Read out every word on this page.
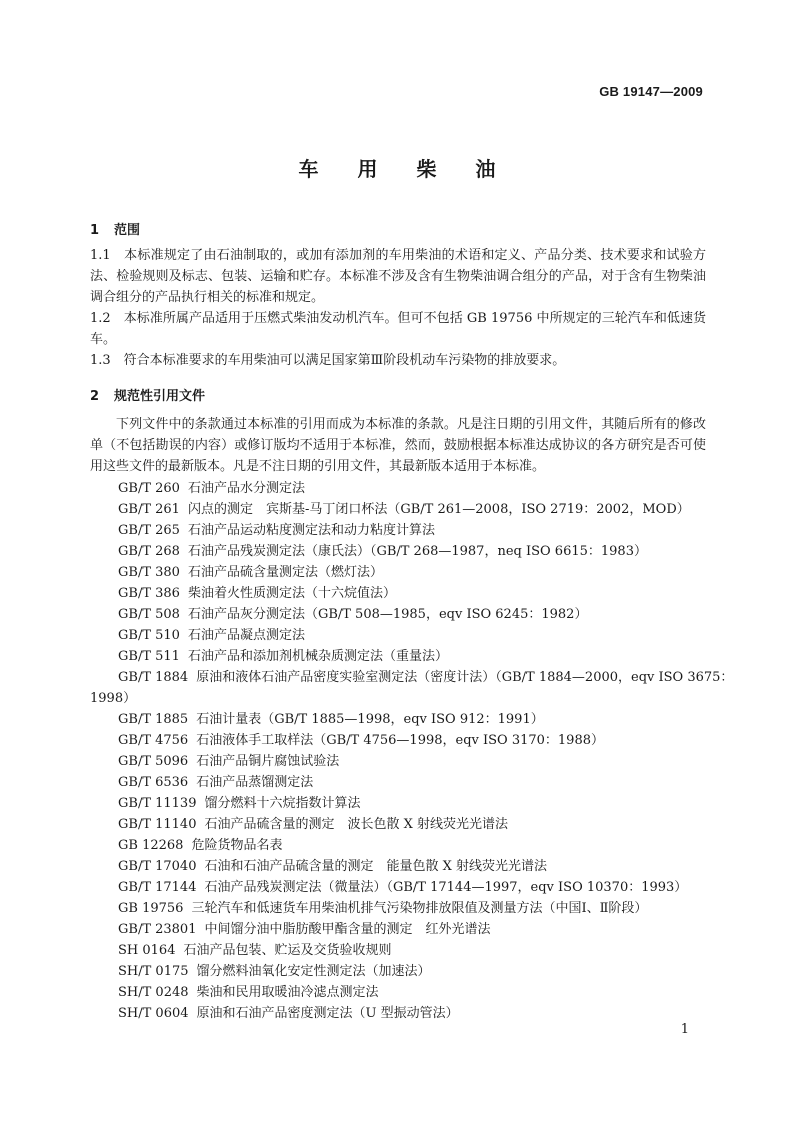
GB 19147—2009
车 用 柴 油
1 范围
1.1　本标准规定了由石油制取的，或加有添加剂的车用柴油的术语和定义、产品分类、技术要求和试验方法、检验规则及标志、包装、运输和贮存。本标准不涉及含有生物柴油调合组分的产品，对于含有生物柴油调合组分的产品执行相关的标准和规定。
1.2　本标准所属产品适用于压燃式柴油发动机汽车。但可不包括 GB 19756 中所规定的三轮汽车和低速货车。
1.3　符合本标准要求的车用柴油可以满足国家第Ⅲ阶段机动车污染物的排放要求。
2 规范性引用文件
下列文件中的条款通过本标准的引用而成为本标准的条款。凡是注日期的引用文件，其随后所有的修改单（不包括勘误的内容）或修订版均不适用于本标准，然而，鼓励根据本标准达成协议的各方研究是否可使用这些文件的最新版本。凡是不注日期的引用文件，其最新版本适用于本标准。
GB/T 260 石油产品水分测定法
GB/T 261 闪点的测定　宾斯基-马丁闭口杯法（GB/T 261—2008，ISO 2719：2002，MOD）
GB/T 265 石油产品运动粘度测定法和动力粘度计算法
GB/T 268 石油产品残炭测定法（康氏法）（GB/T 268—1987，neq ISO 6615：1983）
GB/T 380 石油产品硫含量测定法（燃灯法）
GB/T 386 柴油着火性质测定法（十六烷值法）
GB/T 508 石油产品灰分测定法（GB/T 508—1985，eqv ISO 6245：1982）
GB/T 510 石油产品凝点测定法
GB/T 511 石油产品和添加剂机械杂质测定法（重量法）
GB/T 1884 原油和液体石油产品密度实验室测定法（密度计法）（GB/T 1884—2000，eqv ISO 3675：
1998）
GB/T 1885 石油计量表（GB/T 1885—1998，eqv ISO 912：1991）
GB/T 4756 石油液体手工取样法（GB/T 4756—1998，eqv ISO 3170：1988）
GB/T 5096 石油产品铜片腐蚀试验法
GB/T 6536 石油产品蒸馏测定法
GB/T 11139 馏分燃料十六烷指数计算法
GB/T 11140 石油产品硫含量的测定　波长色散 X 射线荧光光谱法
GB 12268 危险货物品名表
GB/T 17040 石油和石油产品硫含量的测定　能量色散 X 射线荧光光谱法
GB/T 17144 石油产品残炭测定法（微量法）（GB/T 17144—1997，eqv ISO 10370：1993）
GB 19756 三轮汽车和低速货车用柴油机排气污染物排放限值及测量方法（中国Ⅰ、Ⅱ阶段）
GB/T 23801 中间馏分油中脂肪酸甲酯含量的测定　红外光谱法
SH 0164 石油产品包装、贮运及交货验收规则
SH/T 0175 馏分燃料油氧化安定性测定法（加速法）
SH/T 0248 柴油和民用取暖油冷滤点测定法
SH/T 0604 原油和石油产品密度测定法（U 型振动管法）
1
